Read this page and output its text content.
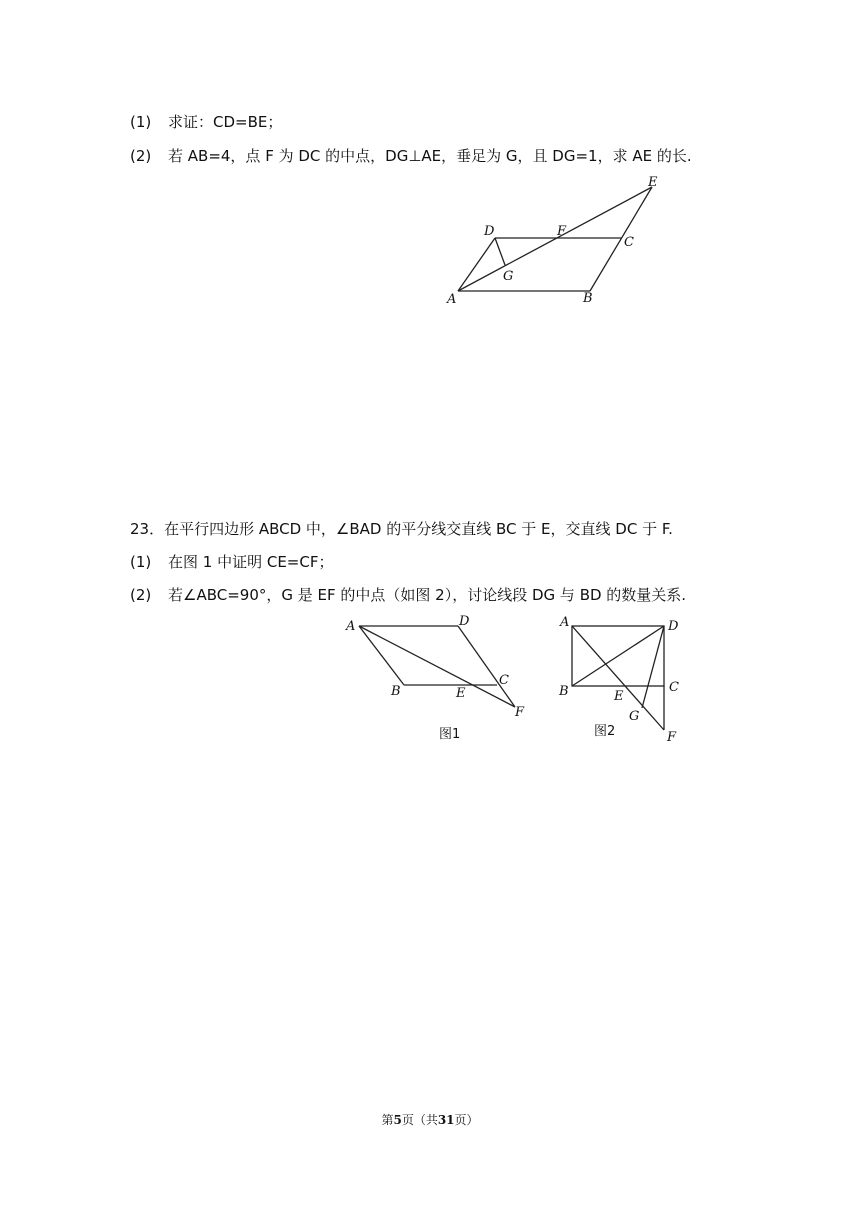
(1) 求证：CD=BE；
(2) 若 AB=4，点 F 为 DC 的中点，DG⊥AE，垂足为 G，且 DG=1，求 AE 的长.
A	B
C
D
E
F
G
23．在平行四边形 ABCD 中，∠BAD 的平分线交直线 BC 于 E，交直线 DC 于 F.
(1) 在图 1 中证明 CE=CF；
(2) 若∠ABC=90°，G 是 EF 的中点（如图 2），讨论线段 DG 与 BD 的数量关系.
A	D
B
C
E
F
图1
A	D
B	C
E
G
F
图2
第5页（共31页）
